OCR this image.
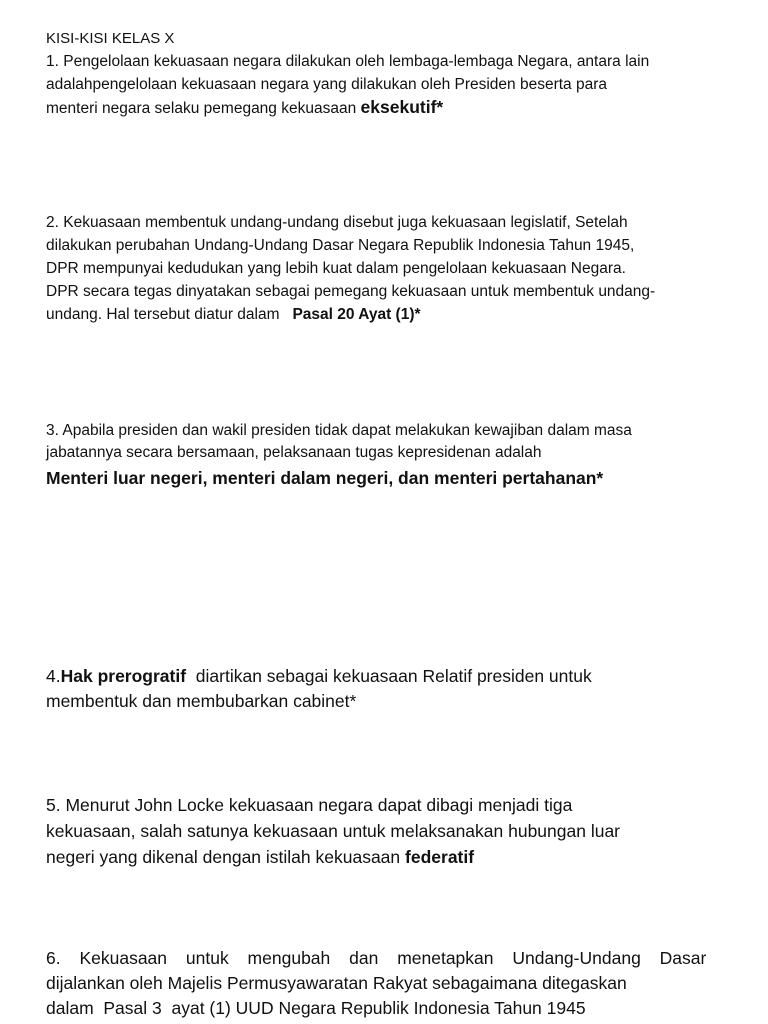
KISI-KISI KELAS X
1. Pengelolaan kekuasaan negara dilakukan oleh lembaga-lembaga Negara, antara lain
adalahpengelolaan kekuasaan negara yang dilakukan oleh Presiden beserta para
menteri negara selaku pemegang kekuasaan eksekutif*
2. Kekuasaan membentuk undang-undang disebut juga kekuasaan legislatif, Setelah
dilakukan perubahan Undang-Undang Dasar Negara Republik Indonesia Tahun 1945,
DPR mempunyai kedudukan yang lebih kuat dalam pengelolaan kekuasaan Negara.
DPR secara tegas dinyatakan sebagai pemegang kekuasaan untuk membentuk undang-
undang. Hal tersebut diatur dalam Pasal 20 Ayat (1)*
3. Apabila presiden dan wakil presiden tidak dapat melakukan kewajiban dalam masa
jabatannya secara bersamaan, pelaksanaan tugas kepresidenan adalah
Menteri luar negeri, menteri dalam negeri, dan menteri pertahanan*
4.Hak prerogratif diartikan sebagai kekuasaan Relatif presiden untuk
membentuk dan membubarkan cabinet*
5. Menurut John Locke kekuasaan negara dapat dibagi menjadi tiga
kekuasaan, salah satunya kekuasaan untuk melaksanakan hubungan luar
negeri yang dikenal dengan istilah kekuasaan federatif
6. Kekuasaan untuk mengubah dan menetapkan Undang-Undang Dasar
dijalankan oleh Majelis Permusyawaratan Rakyat sebagaimana ditegaskan
dalam  Pasal 3  ayat (1) UUD Negara Republik Indonesia Tahun 1945
